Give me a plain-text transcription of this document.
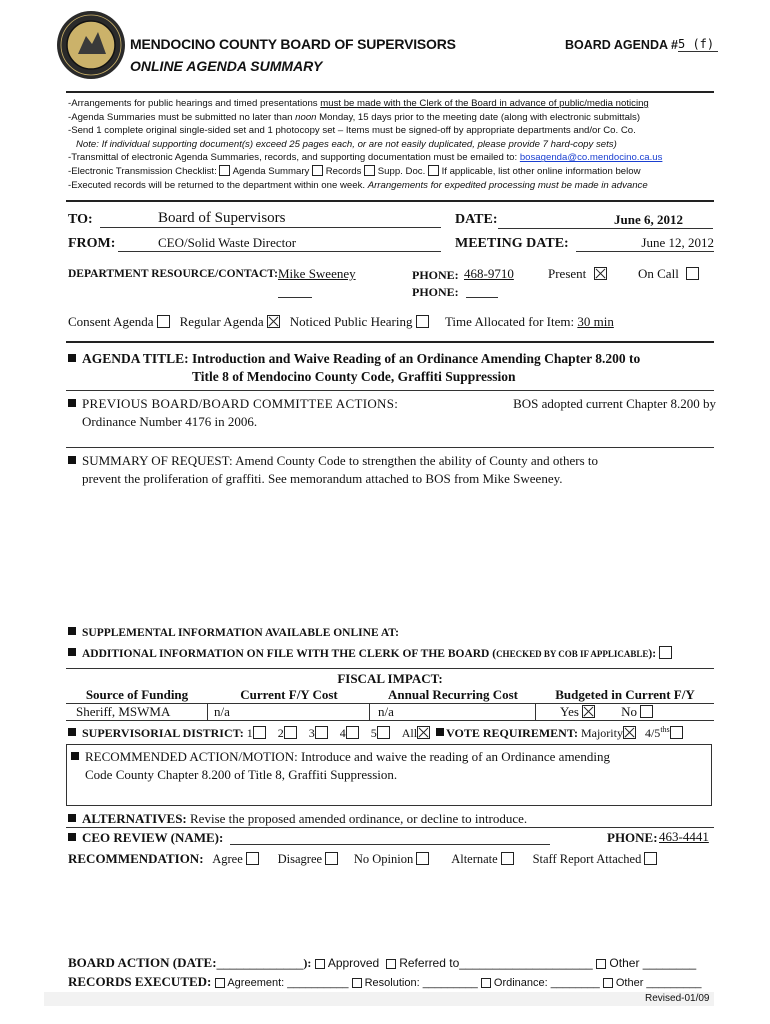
MENDOCINO COUNTY BOARD OF SUPERVISORS
ONLINE AGENDA SUMMARY
BOARD AGENDA # 5 (f)
-Arrangements for public hearings and timed presentations must be made with the Clerk of the Board in advance of public/media noticing
-Agenda Summaries must be submitted no later than noon Monday, 15 days prior to the meeting date (along with electronic submittals)
-Send 1 complete original single-sided set and 1 photocopy set – Items must be signed-off by appropriate departments and/or Co. Co.
Note: If individual supporting document(s) exceed 25 pages each, or are not easily duplicated, please provide 7 hard-copy sets)
-Transmittal of electronic Agenda Summaries, records, and supporting documentation must be emailed to: bosagenda@co.mendocino.ca.us
-Electronic Transmission Checklist: Agenda Summary Records Supp. Doc. If applicable, list other online information below
-Executed records will be returned to the department within one week. Arrangements for expedited processing must be made in advance
TO:	Board of Supervisors	DATE:	June 6, 2012
FROM:	CEO/Solid Waste Director	MEETING DATE:	June 12, 2012
DEPARTMENT RESOURCE/CONTACT: Mike Sweeney	PHONE: 468-9710
PHONE:
Present	On Call
Consent Agenda Regular Agenda Noticed Public Hearing	Time Allocated for Item: 30 min
AGENDA TITLE: Introduction and Waive Reading of an Ordinance Amending Chapter 8.200 to
Title 8 of Mendocino County Code, Graffiti Suppression
PREVIOUS BOARD/BOARD COMMITTEE ACTIONS:	BOS adopted current Chapter 8.200 by
Ordinance Number 4176 in 2006.
SUMMARY OF REQUEST: Amend County Code to strengthen the ability of County and others to
prevent the proliferation of graffiti. See memorandum attached to BOS from Mike Sweeney.
SUPPLEMENTAL INFORMATION AVAILABLE ONLINE AT:
ADDITIONAL INFORMATION ON FILE WITH THE CLERK OF THE BOARD (CHECKED BY COB IF APPLICABLE):
FISCAL IMPACT:
Source of Funding	Current F/Y Cost	Annual Recurring Cost	Budgeted in Current F/Y
Sheriff, MSWMA	n/a	n/a	Yes	No
SUPERVISORIAL DISTRICT: 1 2 3 4 5 All VOTE REQUIREMENT: Majority $4/5^{ths}$
RECOMMENDED ACTION/MOTION: Introduce and waive the reading of an Ordinance amending
Code County Chapter 8.200 of Title 8, Graffiti Suppression.
ALTERNATIVES: Revise the proposed amended ordinance, or decline to introduce.
CEO REVIEW (NAME):	PHONE: 463-4441
RECOMMENDATION: Agree	Disagree	No Opinion	Alternate	Staff Report Attached
BOARD ACTION (DATE:_____________): Approved Referred to____________________ Other ________
RECORDS EXECUTED: Agreement: __________ Resolution: _________ Ordinance: ________ Other _________
Revised-01/09
